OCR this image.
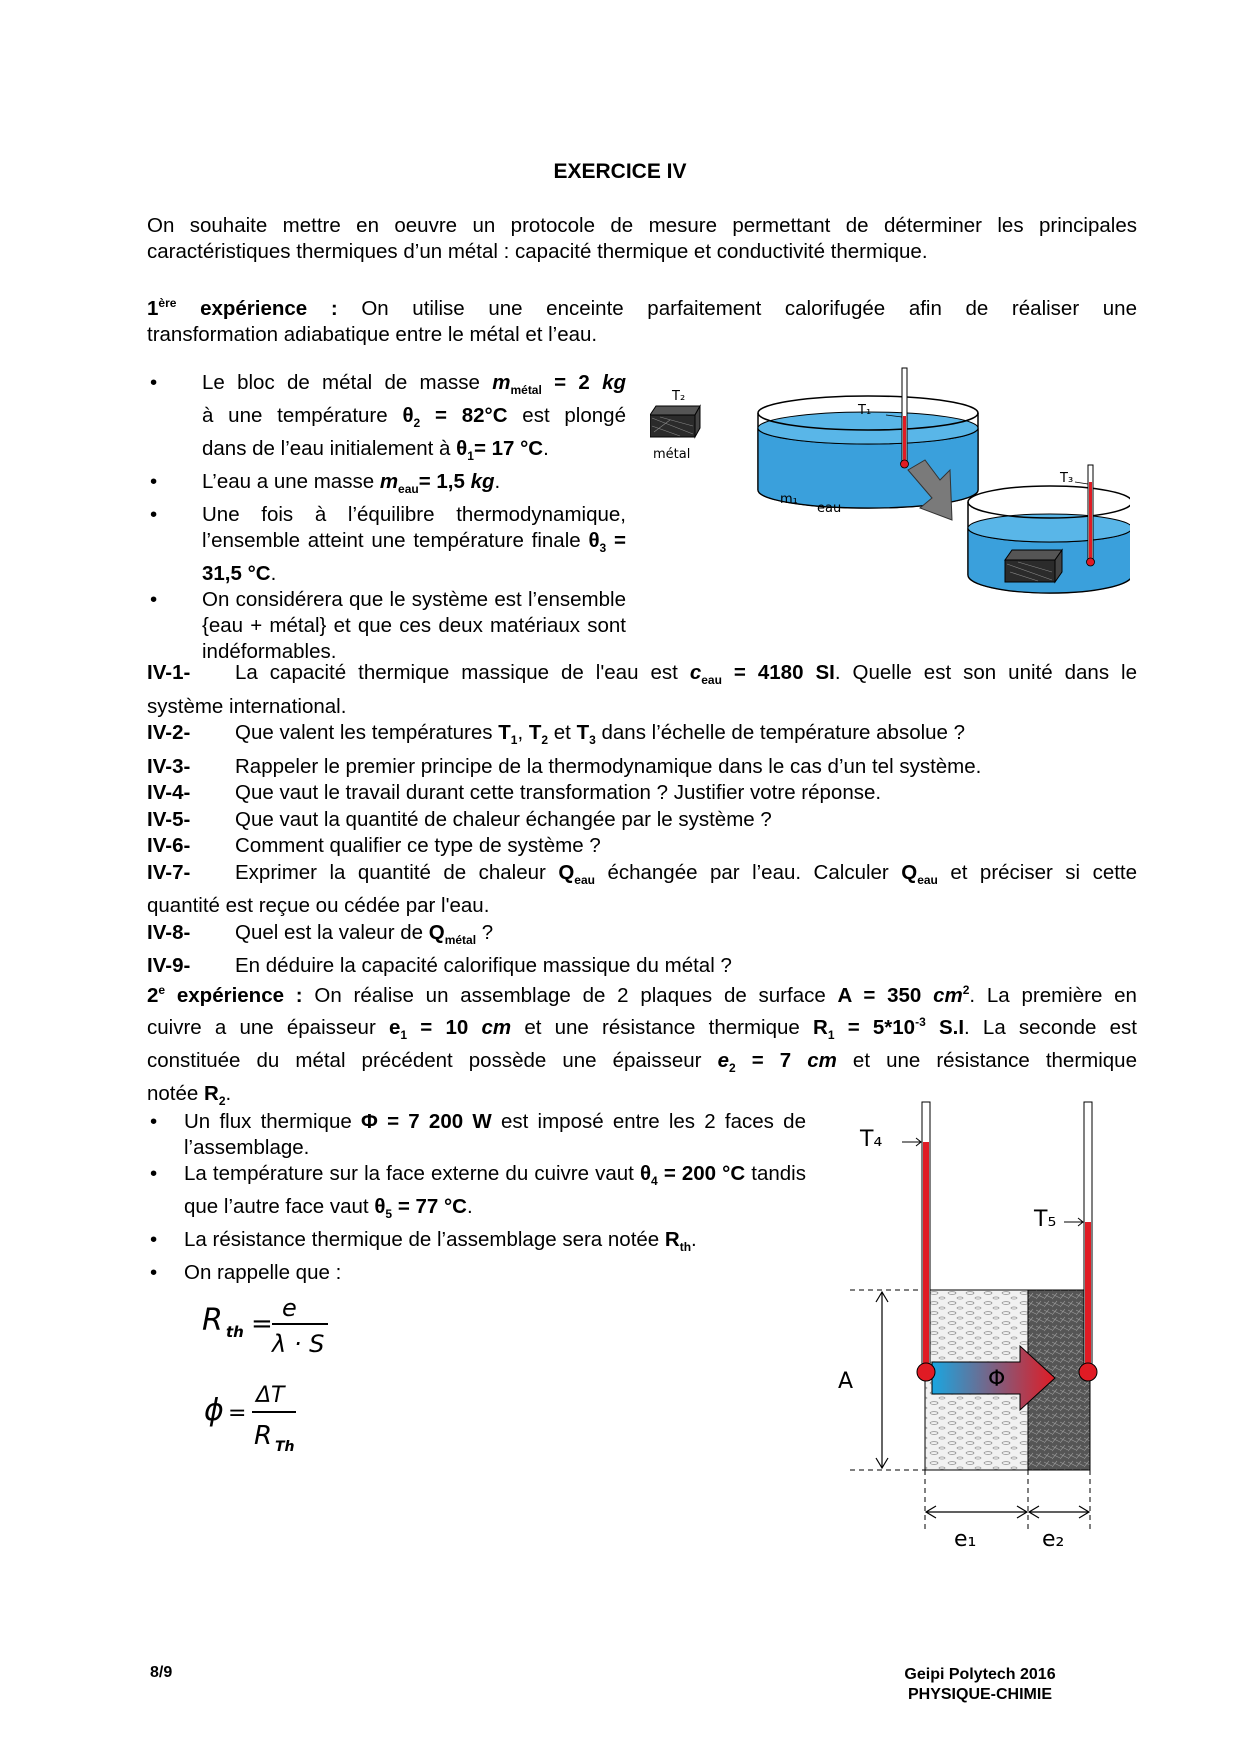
EXERCICE IV
On souhaite mettre en oeuvre un protocole de mesure permettant de déterminer les principales
caractéristiques thermiques d’un métal : capacité thermique et conductivité thermique.
1ère expérience : On utilise une enceinte parfaitement calorifugée afin de réaliser une
transformation adiabatique entre le métal et l’eau.
• Le bloc de métal de masse $m_{métal} = 2$ kg
à une température $\theta_2 = 82^\circ C$ est plongé
dans de l’eau initialement à $\theta_1= 17$ °C.
• L’eau a une masse $m_{eau}= 1,5$ kg.
• Une fois à l’équilibre thermodynamique, l’ensemble atteint une température finale $\theta_3 = 31,5$ °C.
• On considérera que le système est l’ensemble {eau + métal} et que ces deux matériaux sont indéformables.
T₁
m₁
eau
T₂
métal
T₃
IV-1- La capacité thermique massique de l'eau est $c_{eau} = 4180$ SI. Quelle est son unité dans le
système international.
IV-2- Que valent les températures $T_1$, $T_2$ et $T_3$ dans l’échelle de température absolue ?
IV-3- Rappeler le premier principe de la thermodynamique dans le cas d’un tel système.
IV-4- Que vaut le travail durant cette transformation ? Justifier votre réponse.
IV-5- Que vaut la quantité de chaleur échangée par le système ?
IV-6- Comment qualifier ce type de système ?
IV-7- Exprimer la quantité de chaleur $Q_{eau}$ échangée par l’eau. Calculer $Q_{eau}$ et préciser si cette
quantité est reçue ou cédée par l'eau.
IV-8- Quel est la valeur de $Q_{métal}$ ?
IV-9- En déduire la capacité calorifique massique du métal ?
2e expérience : On réalise un assemblage de 2 plaques de surface A = 350 $cm^2$. La première en
cuivre a une épaisseur $e_1 = 10$ cm et une résistance thermique $R_1 = 5*10^{-3}$ S.I. La seconde est
constituée du métal précédent possède une épaisseur $e_2 = 7$ cm et une résistance thermique
notée $R_2$.
• Un flux thermique Φ = 7 200 W est imposé entre les 2 faces de l’assemblage.
• La température sur la face externe du cuivre vaut $\theta_4 = 200$ °C tandis que l’autre face vaut $\theta_5 = 77$ °C.
• La résistance thermique de l’assemblage sera notée $R_{th}$.
• On rappelle que :
R th =
e
λ · S
ϕ =
ΔT
R Th
A
e₁	e₂
Φ
T₄
T₅
8/9	Geipi Polytech 2016
PHYSIQUE-CHIMIE
